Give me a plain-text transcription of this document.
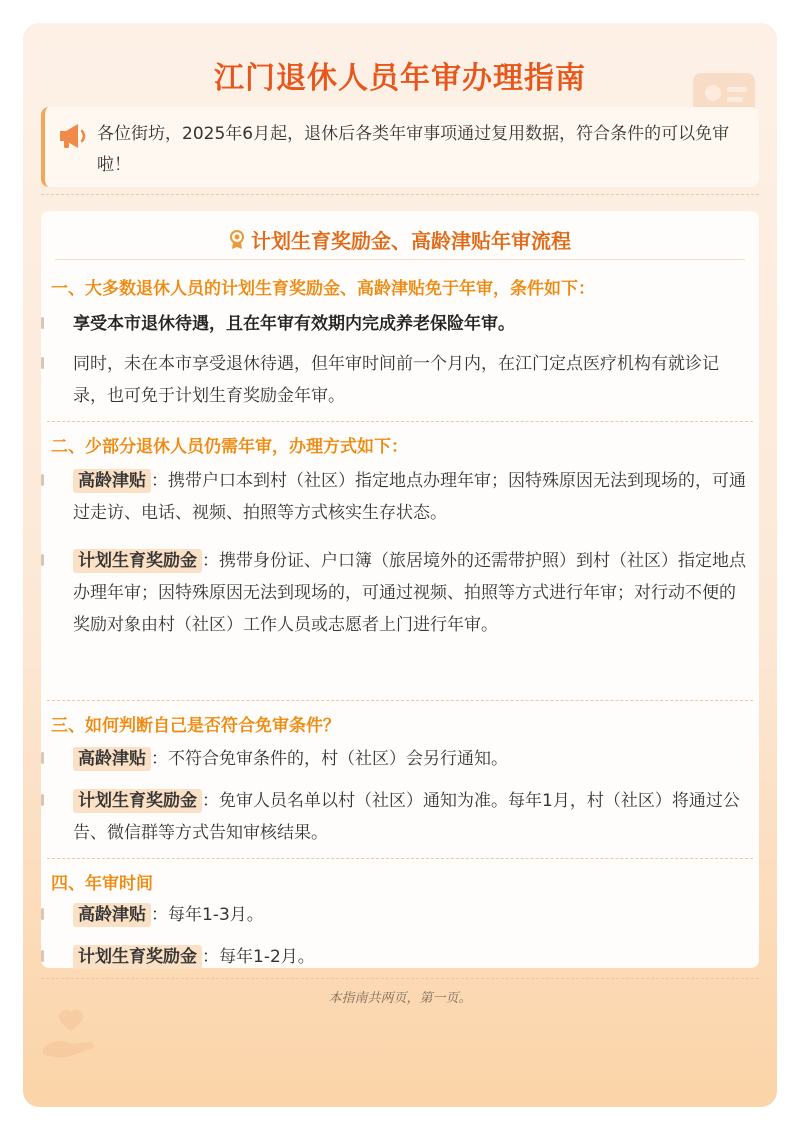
江门退休人员年审办理指南
各位街坊，2025年6月起，退休后各类年审事项通过复用数据，符合条件的可以免审啦！
计划生育奖励金、高龄津贴年审流程
一、大多数退休人员的计划生育奖励金、高龄津贴免于年审，条件如下：
享受本市退休待遇，且在年审有效期内完成养老保险年审。
同时，未在本市享受退休待遇，但年审时间前一个月内，在江门定点医疗机构有就诊记录，也可免于计划生育奖励金年审。
二、少部分退休人员仍需年审，办理方式如下：
高龄津贴 ：携带户口本到村（社区）指定地点办理年审；因特殊原因无法到现场的，可通过走访、电话、视频、拍照等方式核实生存状态。
计划生育奖励金 ：携带身份证、户口簿（旅居境外的还需带护照）到村（社区）指定地点办理年审；因特殊原因无法到现场的，可通过视频、拍照等方式进行年审；对行动不便的奖励对象由村（社区）工作人员或志愿者上门进行年审。
三、如何判断自己是否符合免审条件？
高龄津贴 ：不符合免审条件的，村（社区）会另行通知。
计划生育奖励金 ：免审人员名单以村（社区）通知为准。每年1月，村（社区）将通过公告、微信群等方式告知审核结果。
四、年审时间
高龄津贴 ：每年1-3月。
计划生育奖励金 ：每年1-2月。
本指南共两页，第一页。
